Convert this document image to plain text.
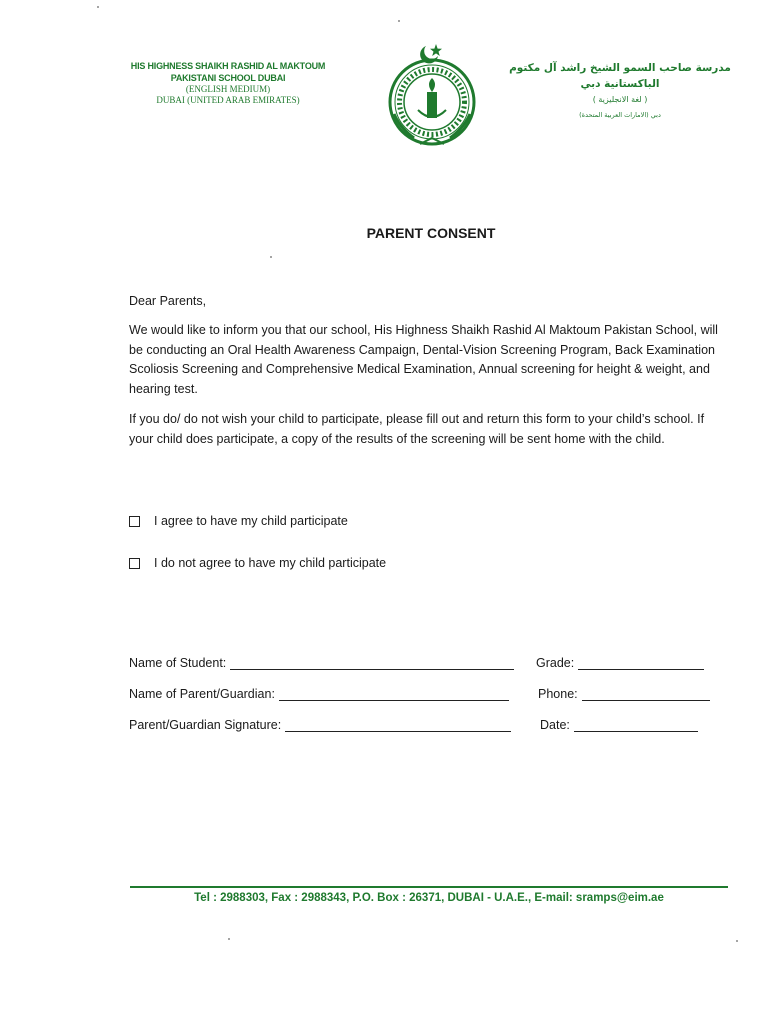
HIS HIGHNESS SHAIKH RASHID AL MAKTOUM
PAKISTANI SCHOOL DUBAI
(ENGLISH MEDIUM)
DUBAI (UNITED ARAB EMIRATES)
مدرسة صاحب السمو الشيخ راشد آل مكتوم الباكستانية دبي
( لغة الانجليزية )
دبي (الامارات العربية المتحدة)
PARENT CONSENT
Dear Parents,
We would like to inform you that our school, His Highness Shaikh Rashid Al Maktoum Pakistan School, will be conducting an Oral Health Awareness Campaign, Dental-Vision Screening Program, Back Examination Scoliosis Screening and Comprehensive Medical Examination, Annual screening for height & weight, and hearing test.
If you do/ do not wish your child to participate, please fill out and return this form to your child’s school. If your child does participate, a copy of the results of the screening will be sent home with the child.
I agree to have my child participate
I do not agree to have my child participate
Name of Student:	Grade:
Name of Parent/Guardian:	Phone:
Parent/Guardian Signature:	Date:
Tel : 2988303, Fax : 2988343, P.O. Box : 26371, DUBAI - U.A.E., E-mail: sramps@eim.ae
